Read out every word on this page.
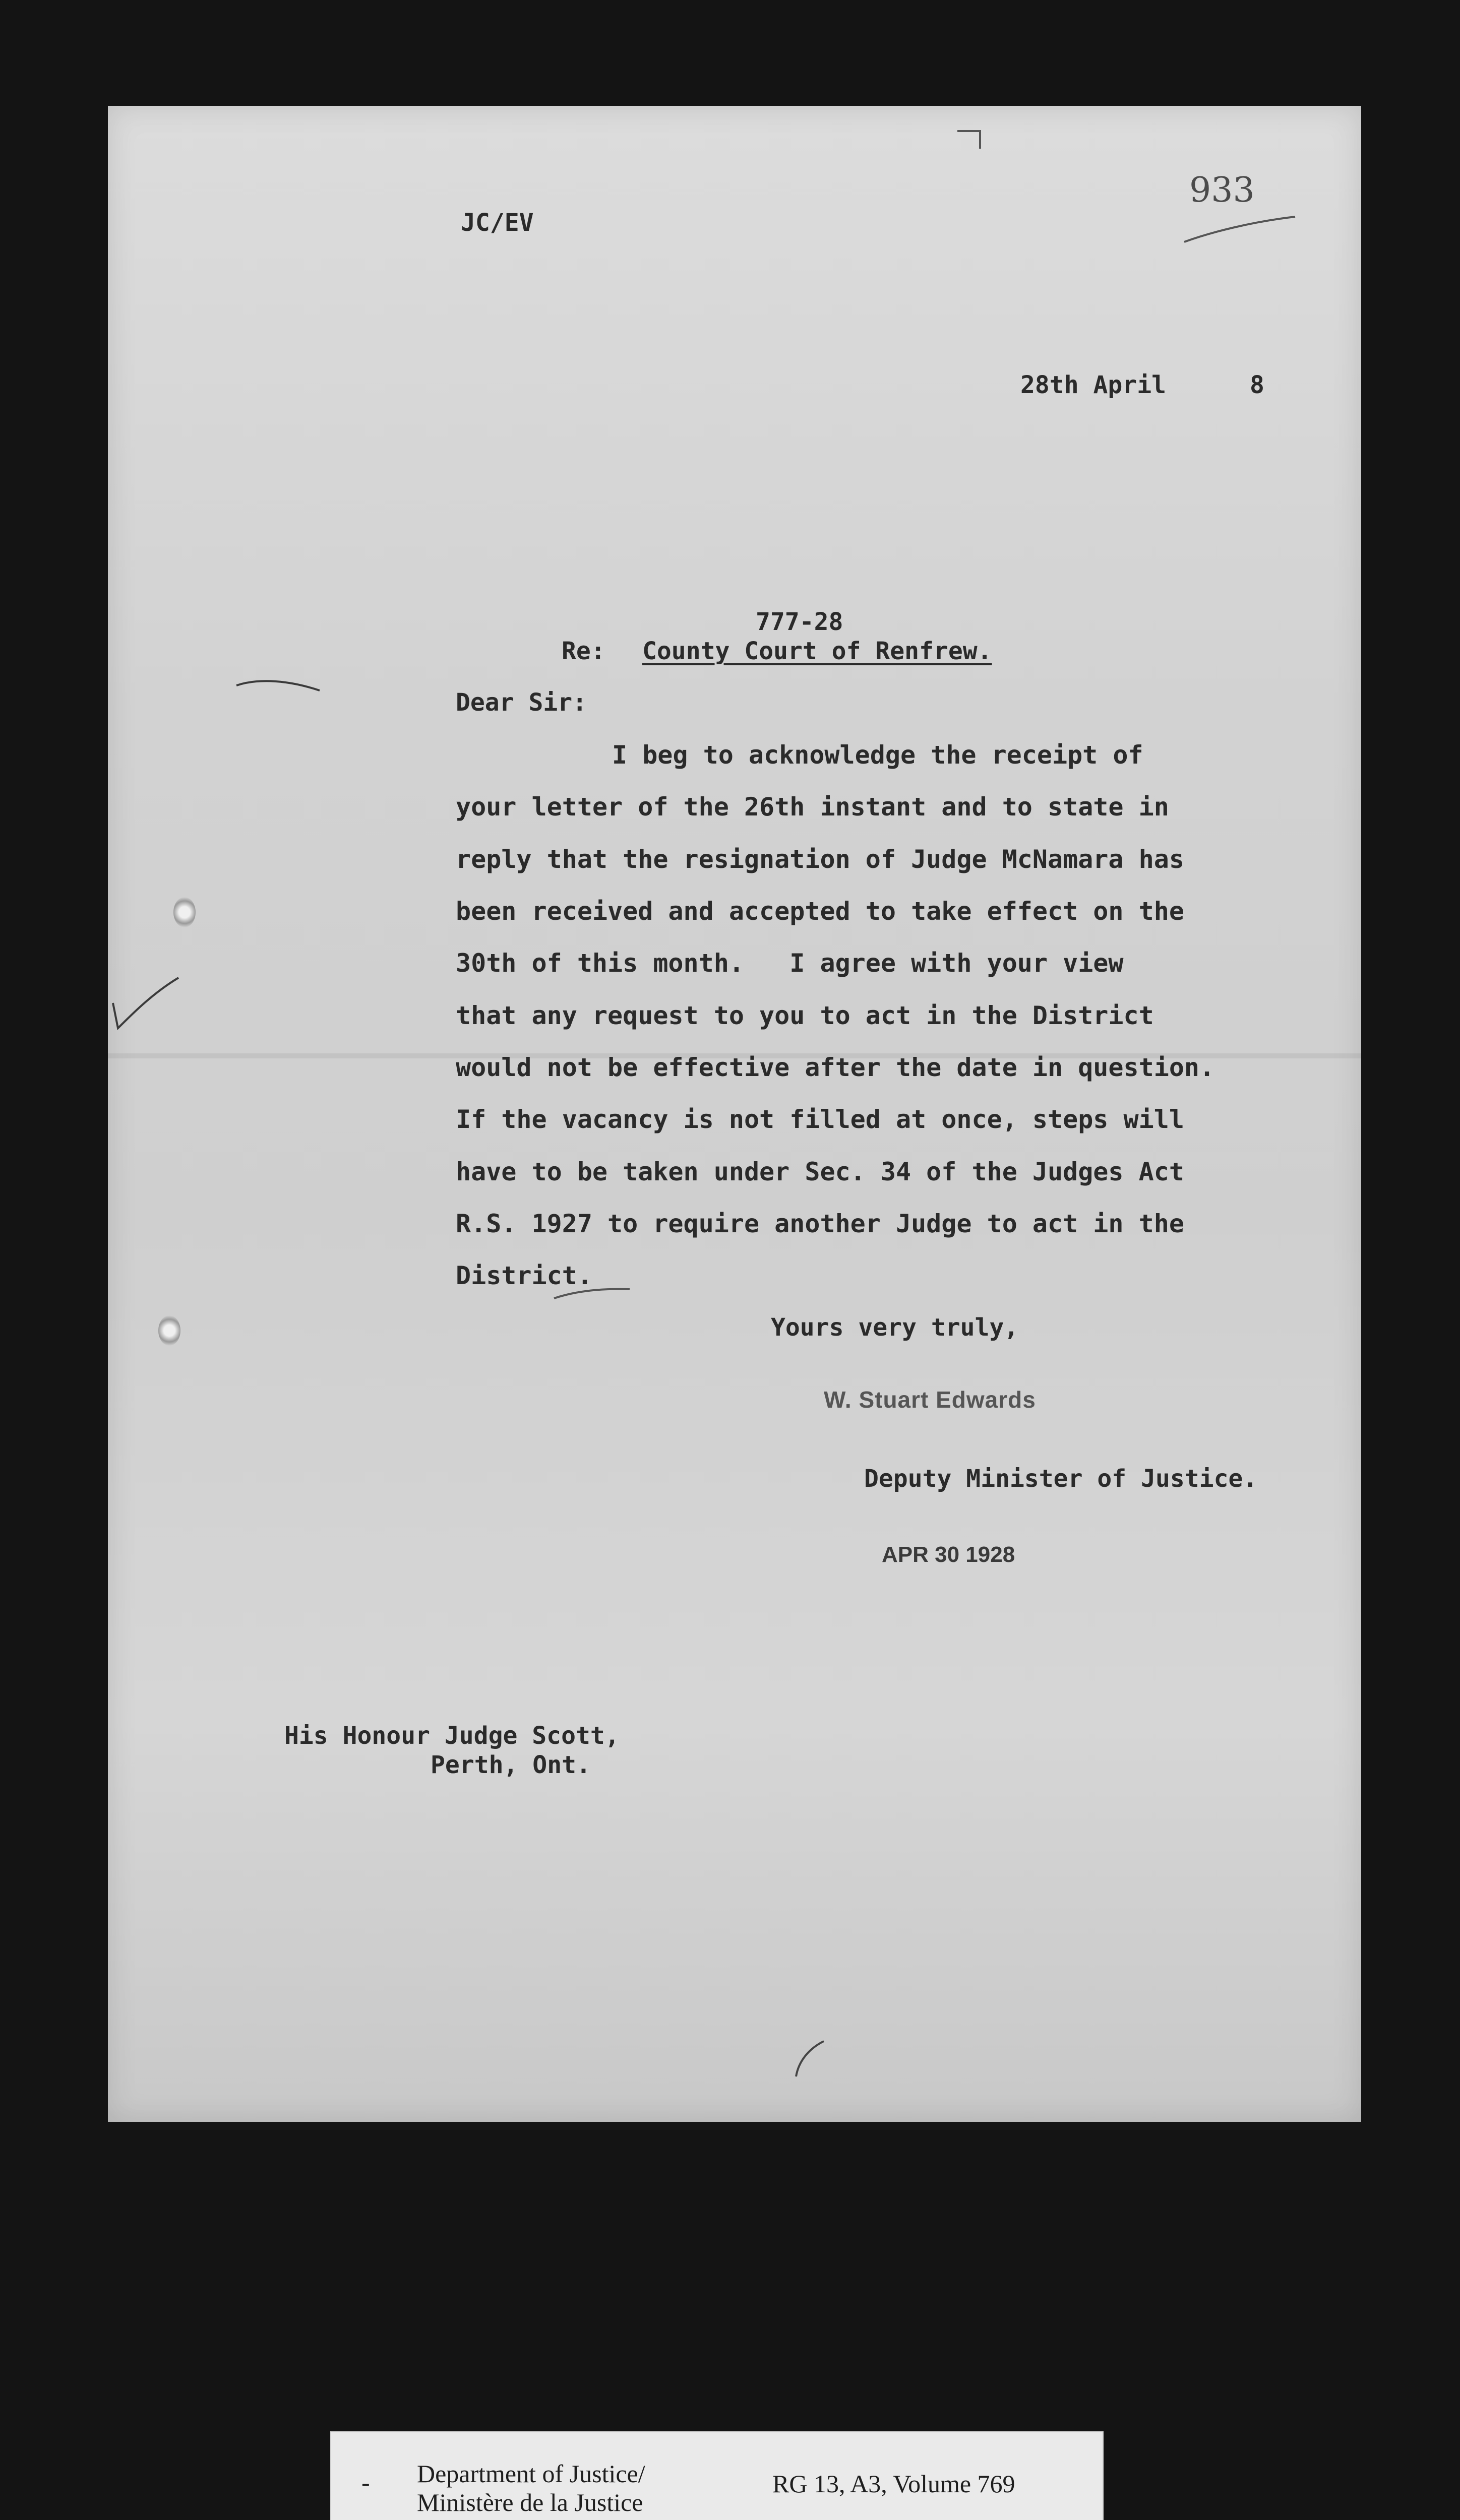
JC/EV
933
28th April	8
777-28
Re: County Court of Renfrew.
Dear Sir:
I beg to acknowledge the receipt of
your letter of the 26th instant and to state in
reply that the resignation of Judge McNamara has
been received and accepted to take effect on the
30th of this month.   I agree with your view
that any request to you to act in the District
would not be effective after the date in question.
If the vacancy is not filled at once, steps will
have to be taken under Sec. 34 of the Judges Act
R.S. 1927 to require another Judge to act in the
District.
Yours very truly,
W. Stuart Edwards
Deputy Minister of Justice.
APR 30 1928
His Honour Judge Scott,
Perth, Ont.
- Department of Justice/
Ministère de la Justice
RG 13, A3, Volume 769
